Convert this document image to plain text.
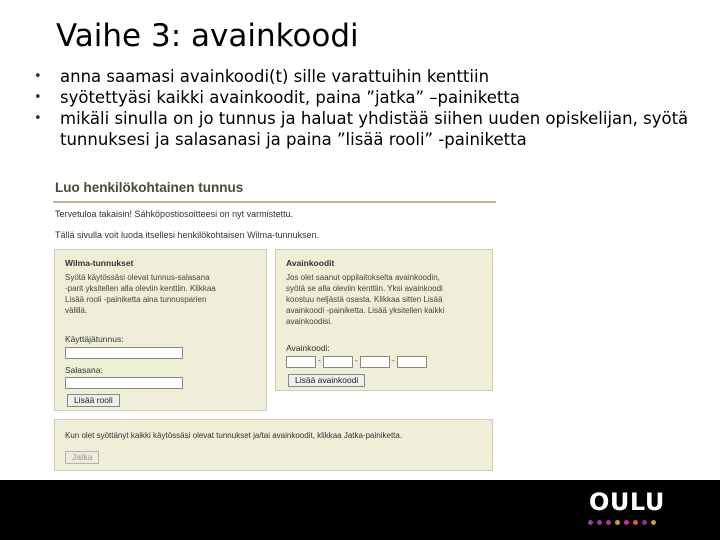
Vaihe 3: avainkoodi
• anna saamasi avainkoodi(t) sille varattuihin kenttiin
• syötettyäsi kaikki avainkoodit, paina ”jatka” –painiketta
• mikäli sinulla on jo tunnus ja haluat yhdistää siihen uuden opiskelijan, syötä tunnuksesi ja salasanasi ja paina ”lisää rooli” -painiketta
Luo henkilökohtainen tunnus
Tervetuloa takaisin! Sähköpostiosoitteesi on nyt varmistettu.
Tällä sivulla voit luoda itsellesi henkilökohtaisen Wilma-tunnuksen.
Wilma-tunnukset

Syötä käytössäsi olevat tunnus-salasana

-parit yksitellen alla oleviin kenttiin. Klikkaa

Lisää rooli -painiketta aina tunnusparien

välillä.

Käyttäjätunnus:
Salasana:
Lisää rooli
Avainkoodit

Jos olet saanut oppilaitokselta avainkoodin,

syötä se alla oleviin kenttiin. Yksi avainkoodi

koostuu neljästä osasta. Klikkaa sitten Lisää

avainkoodi -painiketta. Lisää yksitellen kaikki

avainkoodisi.

Avainkoodi:
-	-	-
Lisää avainkoodi
Kun olet syöttänyt kaikki käytössäsi olevat tunnukset ja/tai avainkoodit, klikkaa Jatka-painiketta.
Jatka
OULU
